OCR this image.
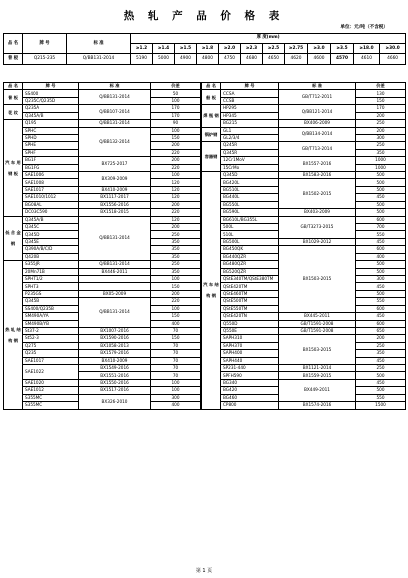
热 轧 产 品 价 格 表
单位：元/吨（不含税）
品 名	牌 号	标 准	厚 度(mm)											
			≥1.2	≥1.4	≥1.5	≥1.8	≥2.0	≥2.3	≥2.5	≥2.75	≥3.0	≥3.5	≥18.0	≥30.0
普 板	Q215-235	Q/BB131-2014	5190	5000	4900	4800	4750	4680	4650	4620	4600	4570	4610	4660
品 名	牌 号	标 准	价差
普 板	SS400	Q/BB131-2014	50
	Q235C/Q235D		100
花 纹	Q235A	Q/BB107-2014	170
	Q345A/B		170
汽 车 用 钢 板	Q195	Q/BB131-2014	90
	SPHC	Q/BB132-2014	100
	SPHD		150
	SPHE		200
	SPHF		220
	BG1F	BX725-2017	200
	BG1FG		220
	SAE1006	BX309-2009	100
	SAE1008		120
	SAE1017	BX410-2009	120
	SAE1010/1012	BX1117-2017	120
	BG08AL	BX1556-2016	200
	DC03C590	BX1518-2015	220
低 合 金 钢	Q345A/B	Q/BB131-2014	120
	Q345C		200
	Q345D		250
	Q345E		350
	Q390A/B/C/D		350
	Q420B		350
热 轧 结 构 钢	S355JR	Q/BB131-2014	250
	20Mn71B	BX446-2011	350
	SPHT1/2		100
	SPHT3		150
	P235GS	BX05-2009	200
	Q345B	Q/BB131-2014	220
	SS400/Q235B		100
	SM490A/YA		150
	SM490B/YB		400
	St37-2	BX1007-2016	70
	St52-3	BX1590-2016	150
	Q275	BX1058-2013	70
	Q235	BX1579-2016	70
	SAE1017	BX410-2009	70
	SAE1022	BX1549-2016	70
		BX1551-2016	70
	SAE1020	BX1550-2016	100
	SAE1012	BX1517-2016	100
	S355MC	BX326-2010	300
	S355MC		400
品 名	牌 号	标 准	价差
船 板	CCSA	GB/T712-2011	130
	CCSB		150
焊 瓶 钢	HP295	Q/BB121-2014	170
	HP345		200
	BG215	BX406-2009	250
锅炉钢	GL1	Q/BB134-2014	200
	GL2/3/4		300
容器钢	Q245R	GB/T713-2014	250
	Q345R		350
	12Cr1MoV	BX1557-2016	1000
	15CrMo		1000
汽 车 结 构 钢	Q345D	BX1583-2016	500
	BG420L	BX1502-2015	500
	BG510L		500
	BG440L		450
	BG550L		500
	BG590L	BX403-2009	500
	BG610L/BG355L	GB/T3273-2015	600
	500L		700
	510L		550
	BG500L	BX1029-2012	450
	BG450QK	BX1503-2015	600
	BG440QZR		400
	BG480QZR		500
	BG520QZR		500
	QStE340TM/QStE380TM		300
	QStE420TM		450
	QStE460TM		500
	QStE500TM		550
	QStE550TM		600
	QStE420TN	BX445-2011	450
	Q550D	GB/T1591-2008	600
	Q550E	GB/T1591-2008	650
	SAPH310	BX1503-2015	200
	SAPH370		250
	SAPH400		350
	SAPH440		450
	SP231-440	BX1121-2014	250
	SPFH590	BX1559-2015	500
	BG340	BX449-2011	450
	BG420		500
	BG460		550
	CP800	BX1574-2016	1500
第 1 页
